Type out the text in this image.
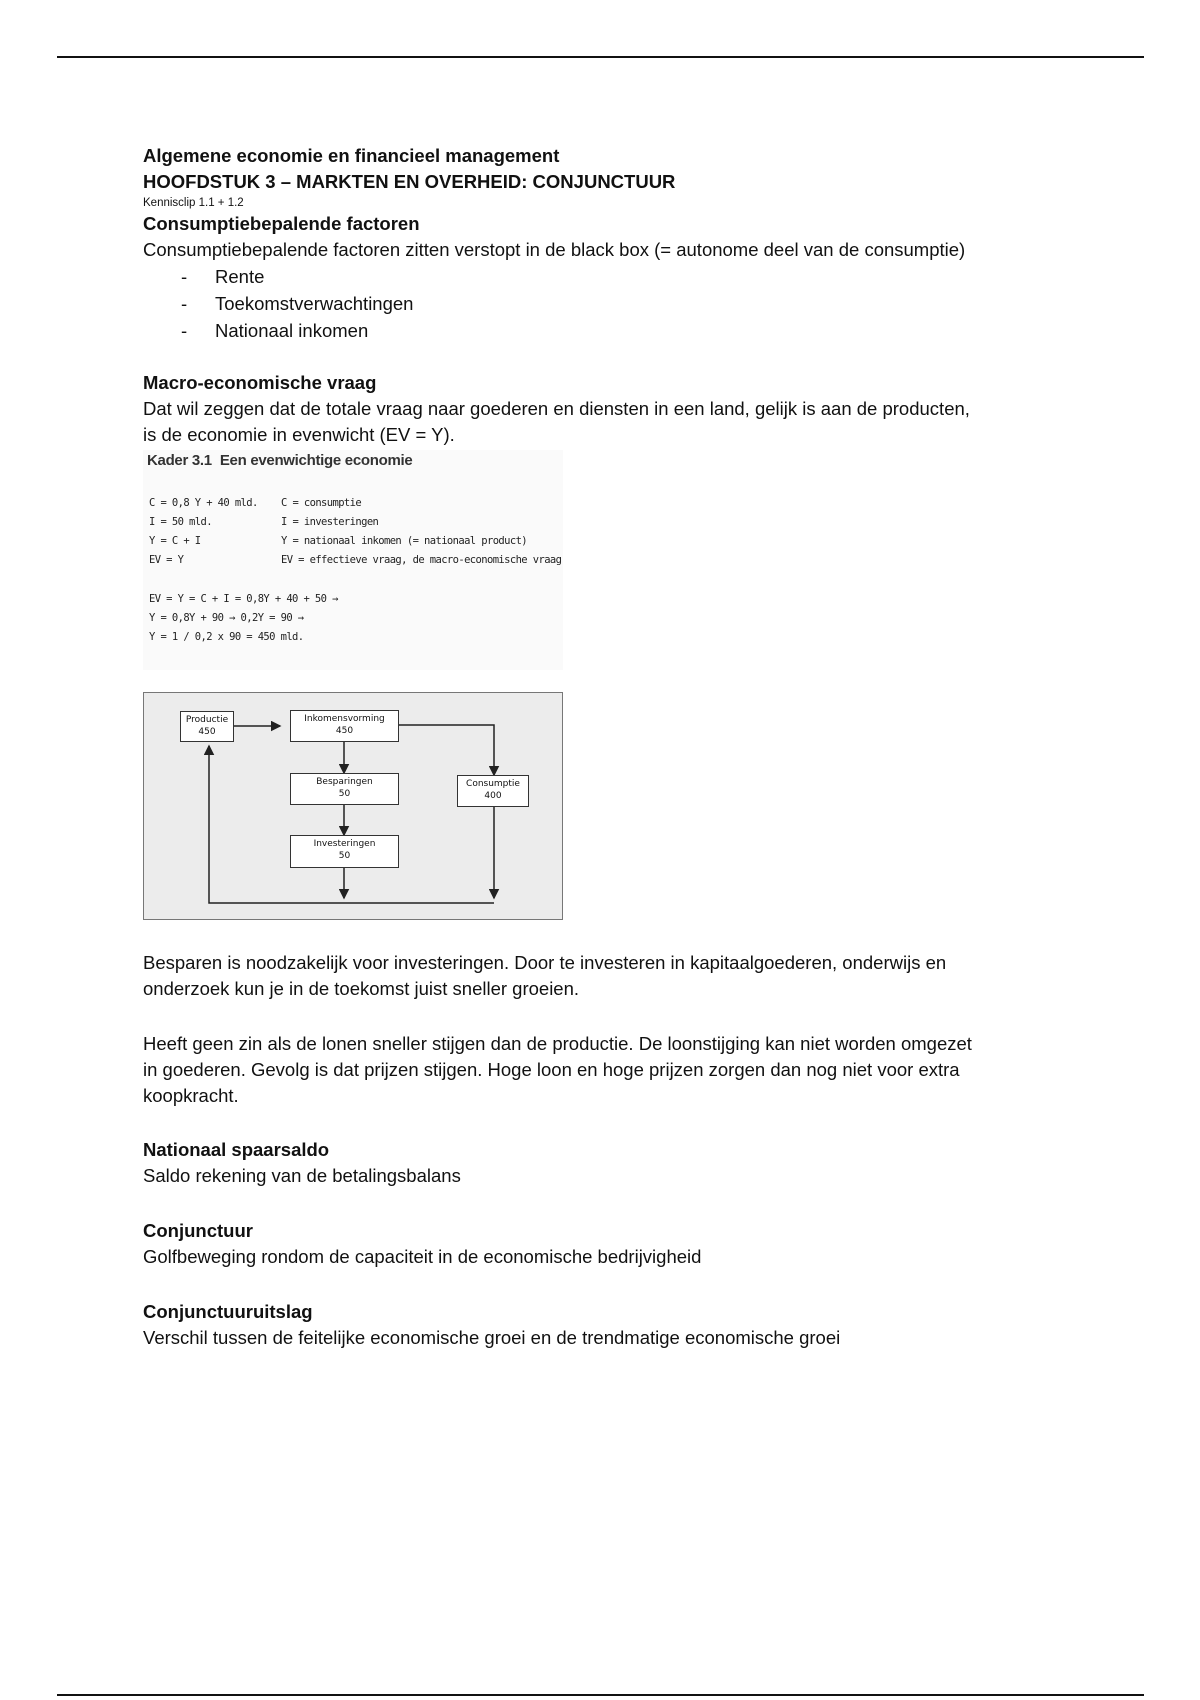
Algemene economie en financieel management

HOOFDSTUK 3 – MARKTEN EN OVERHEID: CONJUNCTUUR

Kennisclip 1.1 + 1.2

Consumptiebepalende factoren

Consumptiebepalende factoren zitten verstopt in de black box (= autonome deel van de consumptie)

- Rente
- Toekomstverwachtingen
- Nationaal inkomen

Macro-economische vraag

Dat wil zeggen dat de totale vraag naar goederen en diensten in een land, gelijk is aan de producten,

is de economie in evenwicht (EV = Y).

Kader 3.1 Een evenwichtige economie
C = 0,8 Y + 40 mld.
I = 50 mld.
Y = C + I
EV = Y
C = consumptie
I = investeringen
Y = nationaal inkomen (= nationaal product)
EV = effectieve vraag, de macro-economische vraag
EV = Y = C + I = 0,8Y + 40 + 50 →
Y = 0,8Y + 90 → 0,2Y = 90 →
Y = 1 / 0,2 x 90 = 450 mld.
Productie
450
Inkomensvorming
450
Besparingen
50
Consumptie
400
Investeringen
50

Besparen is noodzakelijk voor investeringen. Door te investeren in kapitaalgoederen, onderwijs en

onderzoek kun je in de toekomst juist sneller groeien.

Heeft geen zin als de lonen sneller stijgen dan de productie. De loonstijging kan niet worden omgezet

in goederen. Gevolg is dat prijzen stijgen. Hoge loon en hoge prijzen zorgen dan nog niet voor extra

koopkracht.

Nationaal spaarsaldo

Saldo rekening van de betalingsbalans

Conjunctuur

Golfbeweging rondom de capaciteit in de economische bedrijvigheid

Conjunctuuruitslag

Verschil tussen de feitelijke economische groei en de trendmatige economische groei
